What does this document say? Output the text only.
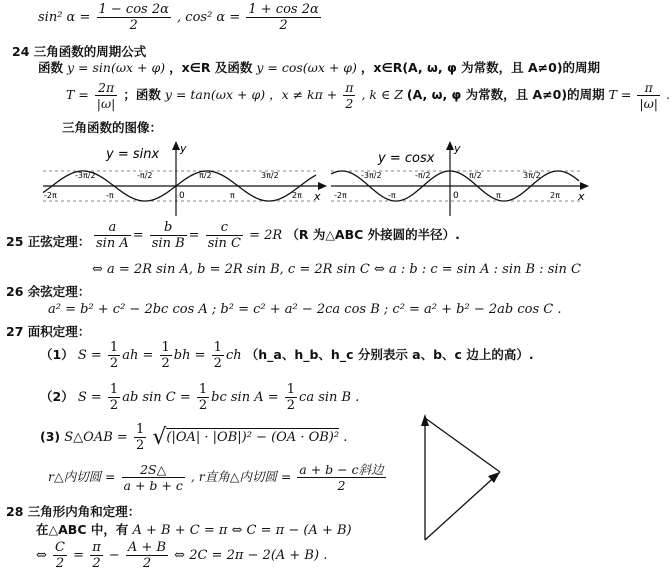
sin² $\alpha = \frac{1 - \cos 2\alpha}{2}$ , cos² $\alpha = \frac{1 + \cos 2\alpha}{2}$
24 三角函数的周期公式
函数 y = sin(ωx + φ) ，x∈R 及函数 y = cos(ωx + φ) ，x∈R(A, ω, φ 为常数，且 A≠0)的周期
$T = \frac{2\pi}{|\omega|}$ ；函数 y = tan(ωx + φ) ，$x \ne k\pi + \frac{\pi}{2}$ , k ∈ Z (A, ω, φ 为常数，且 A≠0)的周期 $T = \frac{\pi}{|\omega|}$ .
三角函数的图像：
y = sinx y
x
0
-2π
-3π/2
-π
-π/2	π/2
π
3π/2
2π
y = cosx
y
x
0
-2π
-3π/2
-π
-π/2	π/2
π
3π/2
2π
25 正弦定理： $\frac{a}{\text{sin A}} = \frac{b}{\text{sin B}} = \frac{c}{\text{sin C}} = 2R$ （R 为△ABC 外接圆的半径）.
⇔ a = 2R sin A, b = 2R sin B, c = 2R sin C ⇔ a : b : c = sin A : sin B : sin C
26 余弦定理：
a² = b² + c² − 2bc cos A ; b² = c² + a² − 2ca cos B ; c² = a² + b² − 2ab cos C .
27 面积定理：
（1） $S = \frac{1}{2}$ ah = $\frac{1}{2}$ bh = $\frac{1}{2}$ ch （h_a、h_b、h_c 分别表示 a、b、c 边上的高）.
（2） $S = \frac{1}{2}$ ab $\sin C = \frac{1}{2}$ bc $\sin A = \frac{1}{2}$ ca sin B .
(3) S△OAB = $\frac{1}{2} √(|OA| \cdot |OB|)^2 - (OA \cdot OB)^2$ .
r△内切圆 = $\frac{2S\triangle}{a + b + c}$ , r直角△内切圆 = $\frac{\text{a + b − c斜边}}{2}$
28 三角形内角和定理：
在△ABC 中，有 A + B + C = π ⇔ C = π − (A + B)
⇔ $\frac{C}{2} = \frac{\pi}{2} - \frac{A + B}{2}$ ⇔ 2C = 2π − 2(A + B) .
